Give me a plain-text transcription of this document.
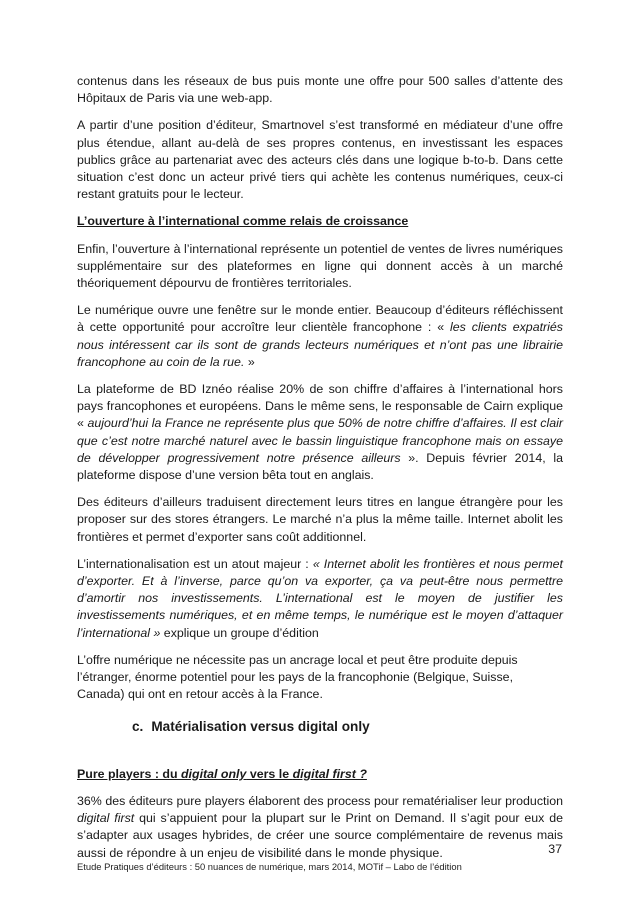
contenus dans les réseaux de bus puis monte une offre pour 500 salles d’attente des Hôpitaux de Paris via une web-app.

A partir d’une position d’éditeur, Smartnovel s’est transformé en médiateur d’une offre plus étendue, allant au-delà de ses propres contenus, en investissant les espaces publics grâce au partenariat avec des acteurs clés dans une logique b-to-b. Dans cette situation c’est donc un acteur privé tiers qui achète les contenus numériques, ceux-ci restant gratuits pour le lecteur.

L’ouverture à l’international comme relais de croissance

Enfin, l’ouverture à l’international représente un potentiel de ventes de livres numériques supplémentaire sur des plateformes en ligne qui donnent accès à un marché théoriquement dépourvu de frontières territoriales.

Le numérique ouvre une fenêtre sur le monde entier. Beaucoup d’éditeurs réfléchissent à cette opportunité pour accroître leur clientèle francophone : « les clients expatriés nous intéressent car ils sont de grands lecteurs numériques et n’ont pas une librairie francophone au coin de la rue. »

La plateforme de BD Iznéo réalise 20% de son chiffre d’affaires à l’international hors pays francophones et européens. Dans le même sens, le responsable de Cairn explique « aujourd’hui la France ne représente plus que 50% de notre chiffre d’affaires. Il est clair que c’est notre marché naturel avec le bassin linguistique francophone mais on essaye de développer progressivement notre présence ailleurs ». Depuis février 2014, la plateforme dispose d’une version bêta tout en anglais.

Des éditeurs d’ailleurs traduisent directement leurs titres en langue étrangère pour les proposer sur des stores étrangers. Le marché n’a plus la même taille. Internet abolit les frontières et permet d’exporter sans coût additionnel.

L’internationalisation est un atout majeur : « Internet abolit les frontières et nous permet d’exporter. Et à l’inverse, parce qu’on va exporter, ça va peut-être nous permettre d’amortir nos investissements. L’international est le moyen de justifier les investissements numériques, et en même temps, le numérique est le moyen d’attaquer l’international » explique un groupe d’édition

L’offre numérique ne nécessite pas un ancrage local et peut être produite depuis l’étranger, énorme potentiel pour les pays de la francophonie (Belgique, Suisse, Canada) qui ont en retour accès à la France.

c. Matérialisation versus digital only
Pure players : du digital only vers le digital first ?

36% des éditeurs pure players élaborent des process pour rematérialiser leur production digital first qui s’appuient pour la plupart sur le Print on Demand. Il s’agit pour eux de s’adapter aux usages hybrides, de créer une source complémentaire de revenus mais aussi de répondre à un enjeu de visibilité dans le monde physique.	37
Etude Pratiques d’éditeurs : 50 nuances de numérique, mars 2014, MOTif – Labo de l’édition
